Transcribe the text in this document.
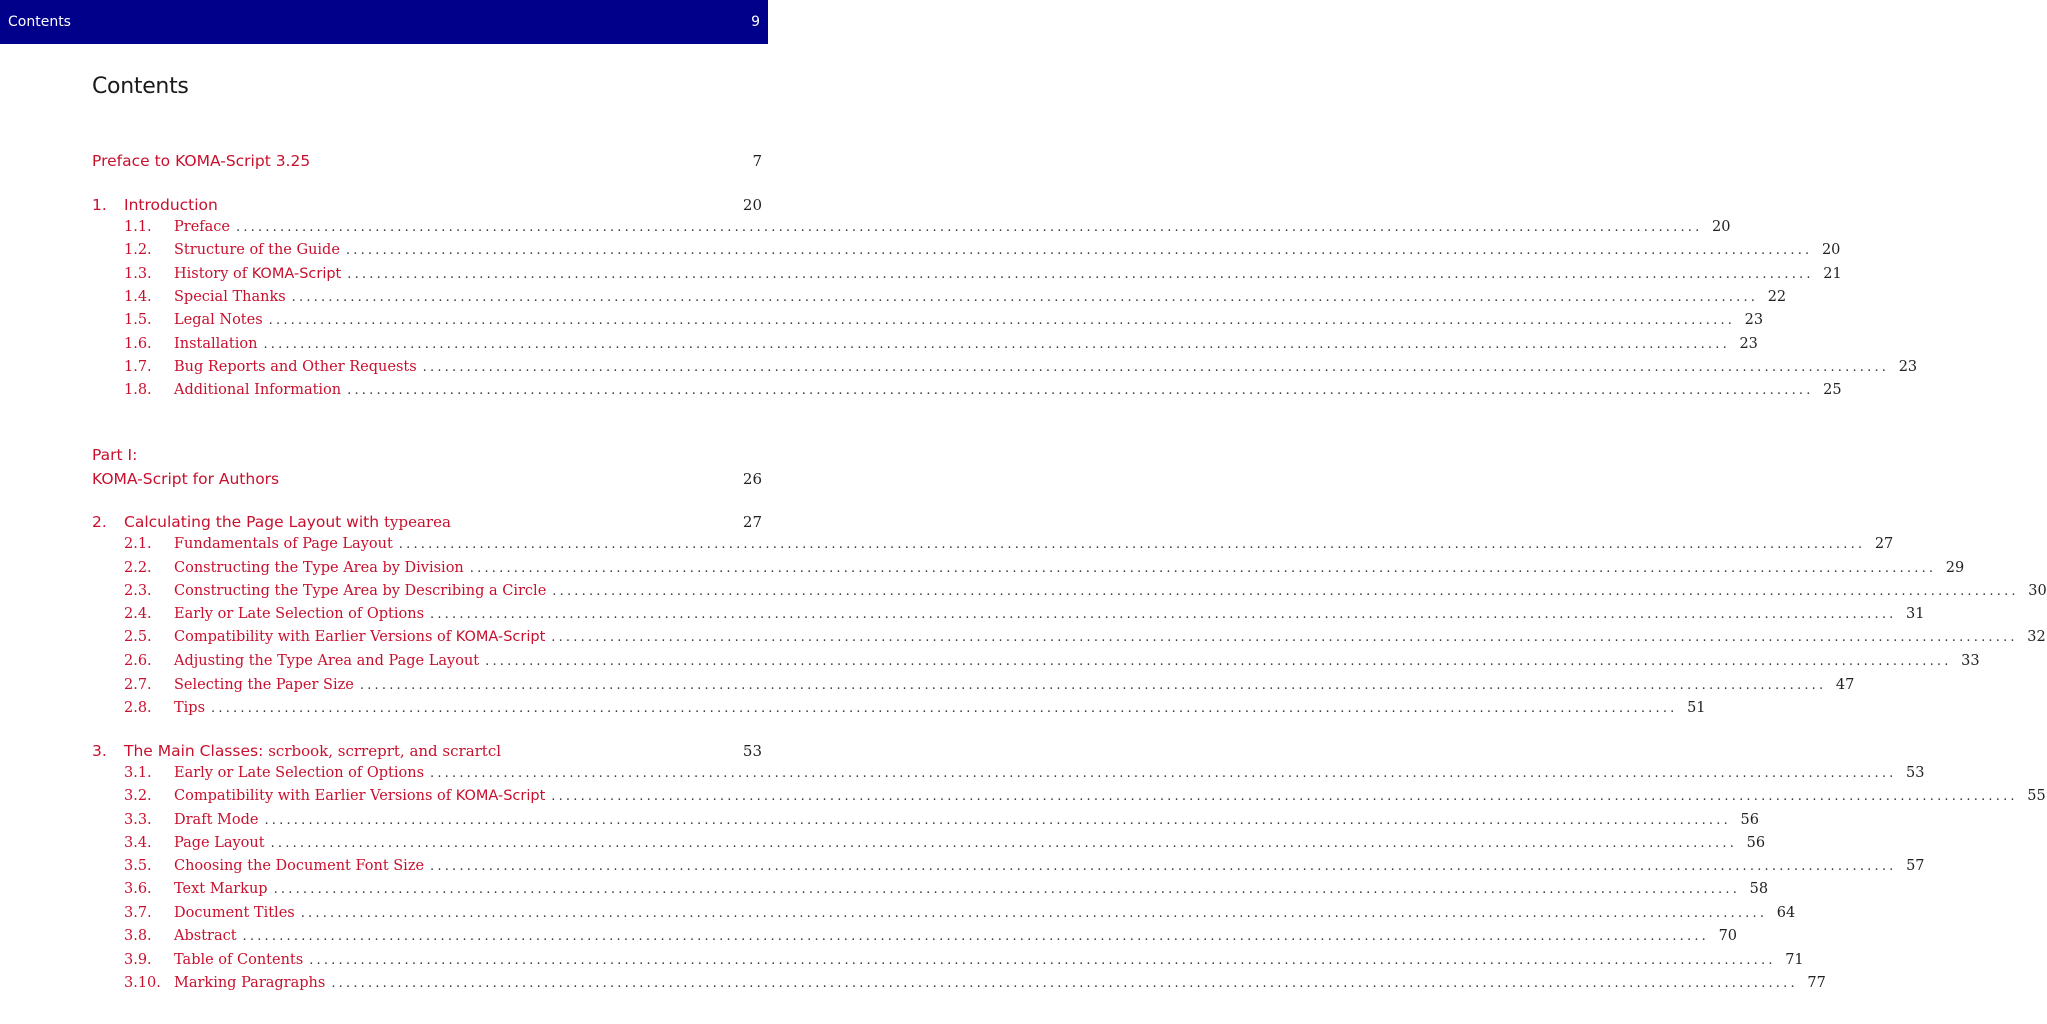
Contents	9
Contents
Preface to KOMA-Script 3.25	7
1.	Introduction	20
1.1.	Preface ........................................................................................................................................................................................................ 20
1.2.	Structure of the Guide ........................................................................................................................................................................................................ 20
1.3.	History of KOMA-Script ........................................................................................................................................................................................................ 21
1.4.	Special Thanks ........................................................................................................................................................................................................ 22
1.5.	Legal Notes ........................................................................................................................................................................................................ 23
1.6.	Installation ........................................................................................................................................................................................................ 23
1.7.	Bug Reports and Other Requests ........................................................................................................................................................................................................ 23
1.8.	Additional Information ........................................................................................................................................................................................................ 25
Part I:
KOMA-Script for Authors	26
2.	Calculating the Page Layout with typearea	27
2.1.	Fundamentals of Page Layout ........................................................................................................................................................................................................ 27
2.2.	Constructing the Type Area by Division ........................................................................................................................................................................................................ 29
2.3.	Constructing the Type Area by Describing a Circle ........................................................................................................................................................................................................ 30
2.4.	Early or Late Selection of Options ........................................................................................................................................................................................................ 31
2.5.	Compatibility with Earlier Versions of KOMA-Script ........................................................................................................................................................................................................ 32
2.6.	Adjusting the Type Area and Page Layout ........................................................................................................................................................................................................ 33
2.7.	Selecting the Paper Size ........................................................................................................................................................................................................ 47
2.8.	Tips ........................................................................................................................................................................................................ 51
3.	The Main Classes: scrbook, scrreprt, and scrartcl	53
3.1.	Early or Late Selection of Options ........................................................................................................................................................................................................ 53
3.2.	Compatibility with Earlier Versions of KOMA-Script ........................................................................................................................................................................................................ 55
3.3.	Draft Mode ........................................................................................................................................................................................................ 56
3.4.	Page Layout ........................................................................................................................................................................................................ 56
3.5.	Choosing the Document Font Size ........................................................................................................................................................................................................ 57
3.6.	Text Markup ........................................................................................................................................................................................................ 58
3.7.	Document Titles ........................................................................................................................................................................................................ 64
3.8.	Abstract ........................................................................................................................................................................................................ 70
3.9.	Table of Contents ........................................................................................................................................................................................................ 71
3.10. Marking Paragraphs ........................................................................................................................................................................................................ 77
